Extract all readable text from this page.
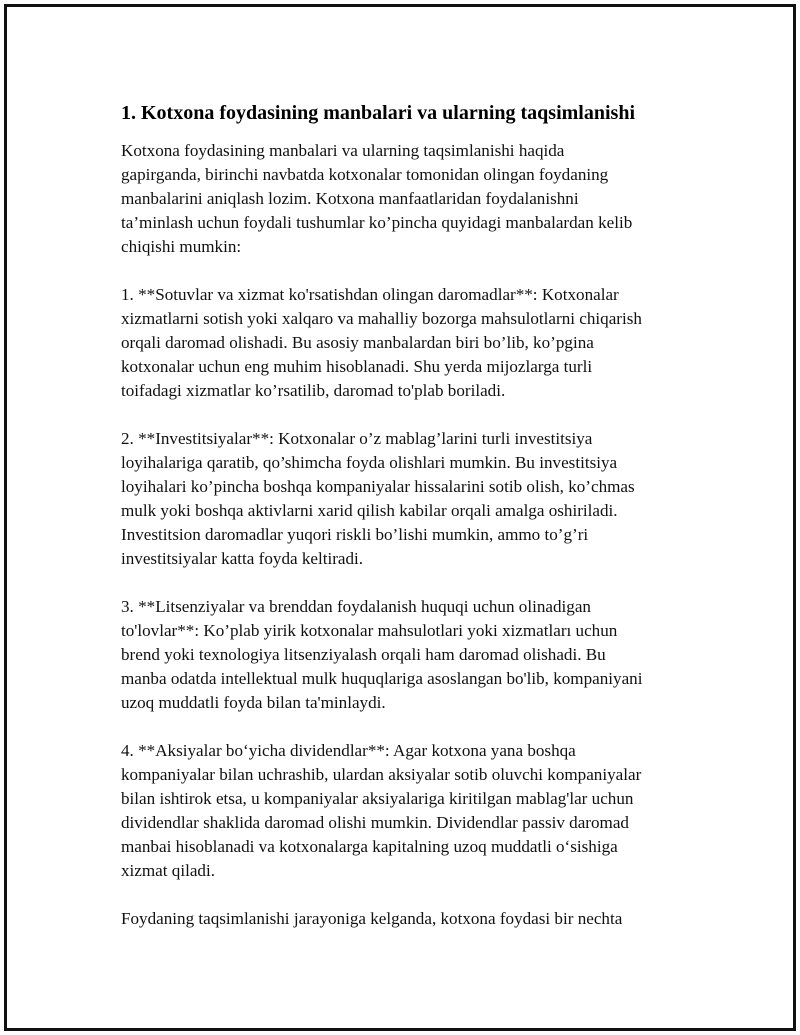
1. Kotxona foydasining manbalari va ularning taqsimlanishi

Kotxona foydasining manbalari va ularning taqsimlanishi haqida
gapirganda, birinchi navbatda kotxonalar tomonidan olingan foydaning
manbalarini aniqlash lozim. Kotxona manfaatlaridan foydalanishni
ta’minlash uchun foydali tushumlar ko’pincha quyidagi manbalardan kelib
chiqishi mumkin:

1. **Sotuvlar va xizmat ko'rsatishdan olingan daromadlar**: Kotxonalar
xizmatlarni sotish yoki xalqaro va mahalliy bozorga mahsulotlarni chiqarish
orqali daromad olishadi. Bu asosiy manbalardan biri bo’lib, ko’pgina
kotxonalar uchun eng muhim hisoblanadi. Shu yerda mijozlarga turli
toifadagi xizmatlar ko’rsatilib, daromad to'plab boriladi.

2. **Investitsiyalar**: Kotxonalar o’z mablag’larini turli investitsiya
loyihalariga qaratib, qo’shimcha foyda olishlari mumkin. Bu investitsiya
loyihalari ko’pincha boshqa kompaniyalar hissalarini sotib olish, ko’chmas
mulk yoki boshqa aktivlarni xarid qilish kabilar orqali amalga oshiriladi.
Investitsion daromadlar yuqori riskli bo’lishi mumkin, ammo to’g’ri
investitsiyalar katta foyda keltiradi.

3. **Litsenziyalar va brenddan foydalanish huquqi uchun olinadigan
to'lovlar**: Ko’plab yirik kotxonalar mahsulotlari yoki xizmatları uchun
brend yoki texnologiya litsenziyalash orqali ham daromad olishadi. Bu
manba odatda intellektual mulk huquqlariga asoslangan bo'lib, kompaniyani
uzoq muddatli foyda bilan ta'minlaydi.

4. **Aksiyalar bo‘yicha dividendlar**: Agar kotxona yana boshqa
kompaniyalar bilan uchrashib, ulardan aksiyalar sotib oluvchi kompaniyalar
bilan ishtirok etsa, u kompaniyalar aksiyalariga kiritilgan mablag'lar uchun
dividendlar shaklida daromad olishi mumkin. Dividendlar passiv daromad
manbai hisoblanadi va kotxonalarga kapitalning uzoq muddatli o‘sishiga
xizmat qiladi.

Foydaning taqsimlanishi jarayoniga kelganda, kotxona foydasi bir nechta
